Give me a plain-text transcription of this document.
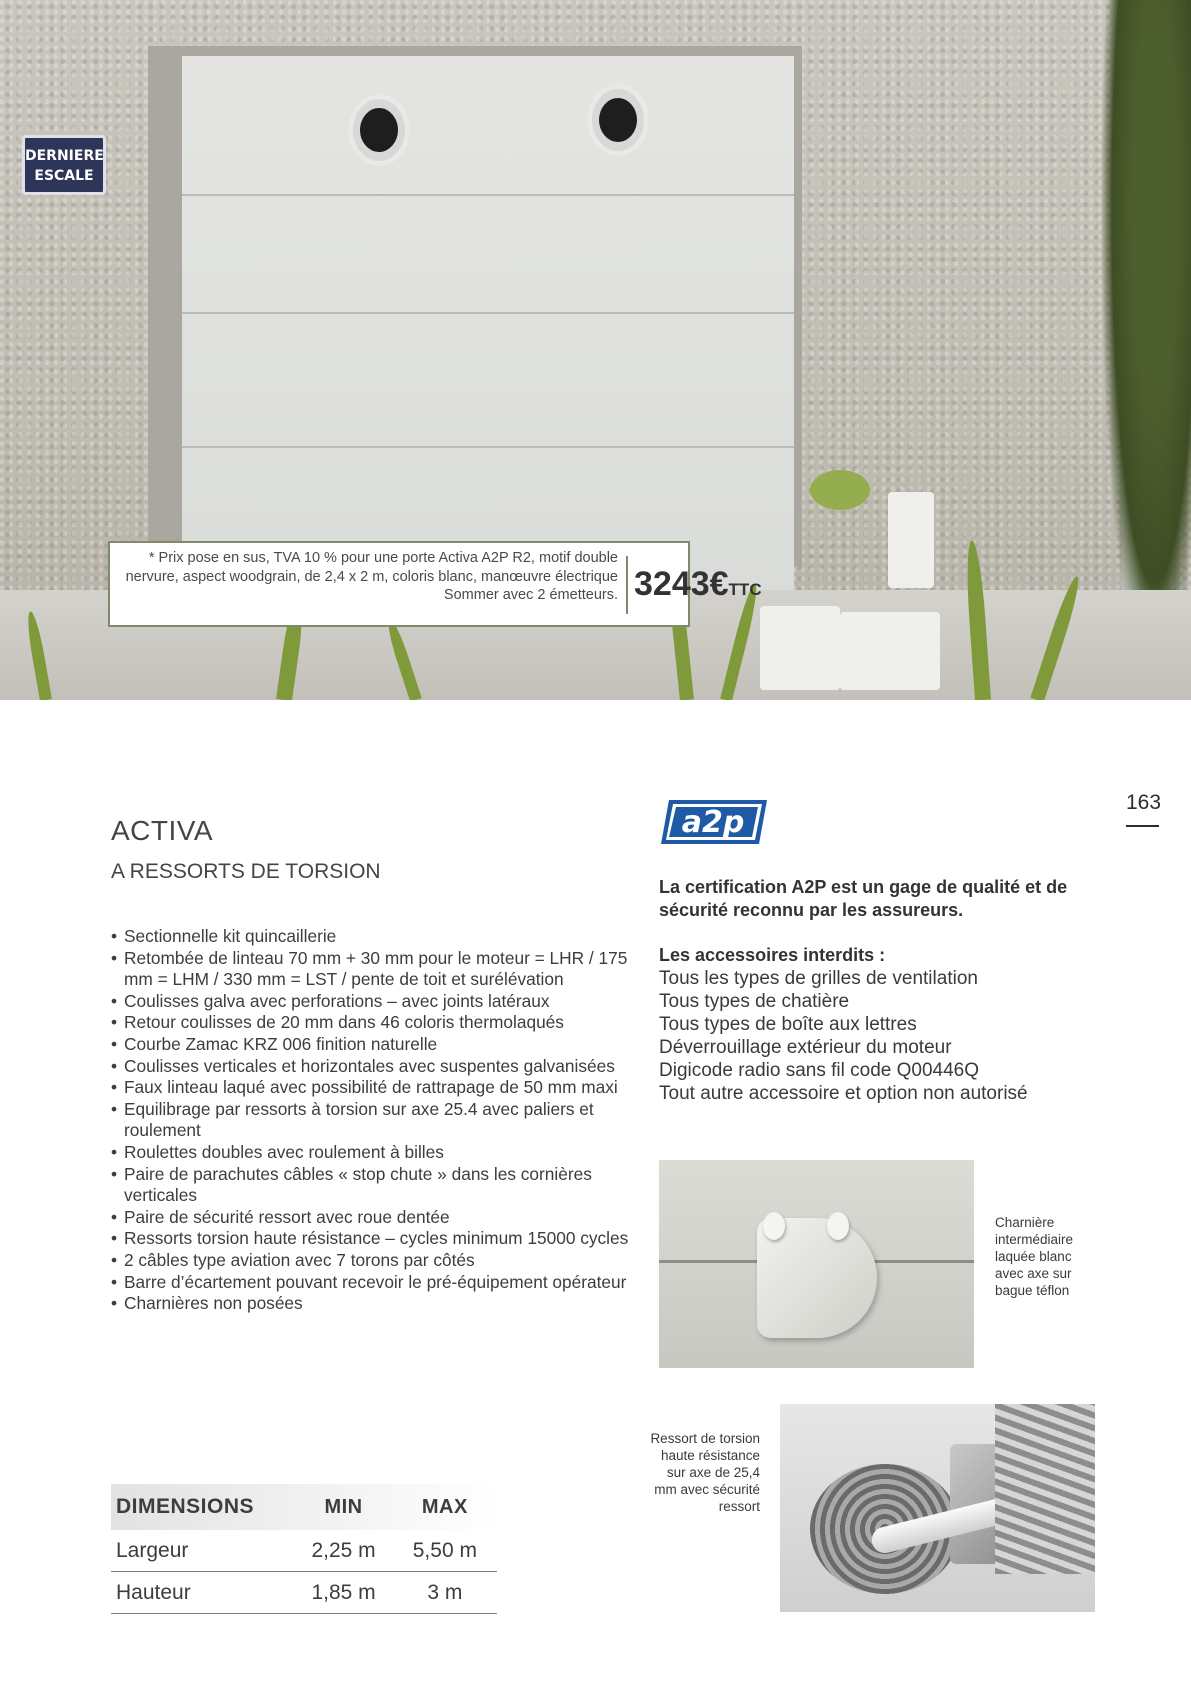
DERNIERE
ESCALE
* Prix pose en sus, TVA 10 % pour une porte Activa A2P R2, motif double nervure, aspect woodgrain, de 2,4 x 2 m, coloris blanc, manœuvre électrique Sommer avec 2 émetteurs. 3243€TTC
ACTIVA
A RESSORTS DE TORSION
• Sectionnelle kit quincaillerie
• Retombée de linteau 70 mm + 30 mm pour le moteur = LHR / 175 mm = LHM / 330 mm = LST / pente de toit et surélévation
• Coulisses galva avec perforations – avec joints latéraux
• Retour coulisses de 20 mm dans 46 coloris thermolaqués
• Courbe Zamac KRZ 006 finition naturelle
• Coulisses verticales et horizontales avec suspentes galvanisées
• Faux linteau laqué avec possibilité de rattrapage de 50 mm maxi
• Equilibrage par ressorts à torsion sur axe 25.4 avec paliers et roulement
• Roulettes doubles avec roulement à billes
• Paire de parachutes câbles « stop chute » dans les cornières verticales
• Paire de sécurité ressort avec roue dentée
• Ressorts torsion haute résistance – cycles minimum 15000 cycles
• 2 câbles type aviation avec 7 torons par côtés
• Barre d’écartement pouvant recevoir le pré-équipement opérateur
• Charnières non posées
DIMENSIONS	MIN	MAX
Largeur	2,25 m	5,50 m
Hauteur	1,85 m	3 m
a2p
163
La certification A2P est un gage de qualité et de sécurité reconnu par les assureurs.
Les accessoires interdits :
Tous les types de grilles de ventilation
Tous types de chatière
Tous types de boîte aux lettres
Déverrouillage extérieur du moteur
Digicode radio sans fil code Q00446Q
Tout autre accessoire et option non autorisé
Charnière intermédiaire laquée blanc avec axe sur bague téflon
Ressort de torsion haute résistance sur axe de 25,4 mm avec sécurité ressort
